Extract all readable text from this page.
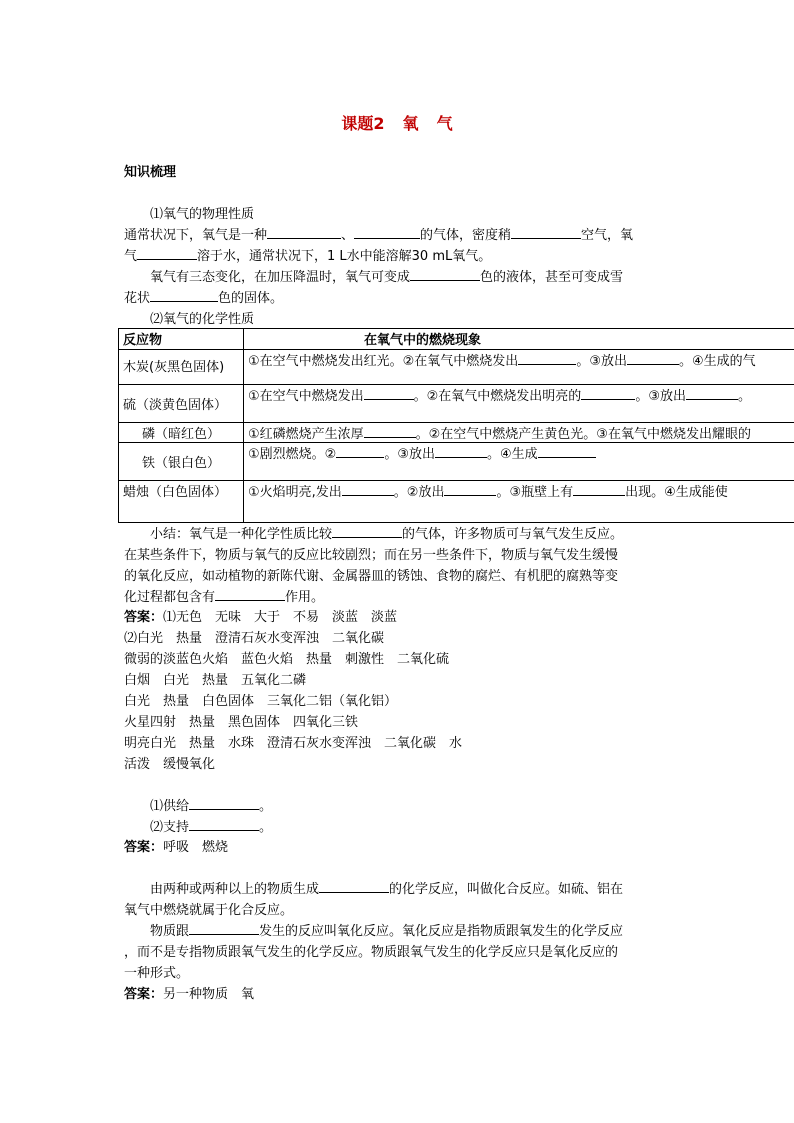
课题2 氧 气
知识梳理
⑴氧气的物理性质
通常状况下，氧气是一种	、	的气体，密度稍	空气，氧
气	溶于水，通常状况下，1 L水中能溶解30 mL氧气。
氧气有三态变化，在加压降温时，氧气可变成	色的液体，甚至可变成雪
花状	色的固体。
⑵氧气的化学性质
反应物	在氧气中的燃烧现象
木炭(灰黑色固体)	①在空气中燃烧发出红光。②在氧气中燃烧发出 。③放出 。④生成的气
硫（淡黄色固体）	①在空气中燃烧发出 。②在氧气中燃烧发出明亮的 。③放出 。
磷（暗红色）	①红磷燃烧产生浓厚 。②在空气中燃烧产生黄色光。③在氧气中燃烧发出耀眼的
铁（银白色）	①剧烈燃烧。② 。③放出 。④生成
蜡烛（白色固体）	①火焰明亮,发出 。②放出 。③瓶壁上有 出现。④生成能使
小结：氧气是一种化学性质比较	的气体，许多物质可与氧气发生反应。
在某些条件下，物质与氧气的反应比较剧烈；而在另一些条件下，物质与氧气发生缓慢
的氧化反应，如动植物的新陈代谢、金属器皿的锈蚀、食物的腐烂、有机肥的腐熟等变
化过程都包含有	作用。
答案：⑴无色　无味　大于　不易　淡蓝　淡蓝
⑵白光　热量　澄清石灰水变浑浊　二氧化碳
微弱的淡蓝色火焰　蓝色火焰　热量　刺激性　二氧化硫
白烟　白光　热量　五氧化二磷
白光　热量　白色固体　三氧化二铝（氧化铝）
火星四射　热量　黑色固体　四氧化三铁
明亮白光　热量　水珠　澄清石灰水变浑浊　二氧化碳　水
活泼　缓慢氧化
⑴供给	。
⑵支持	。
答案：呼吸　燃烧
由两种或两种以上的物质生成	的化学反应，叫做化合反应。如硫、铝在
氧气中燃烧就属于化合反应。
物质跟	发生的反应叫氧化反应。氧化反应是指物质跟氧发生的化学反应
，而不是专指物质跟氧气发生的化学反应。物质跟氧气发生的化学反应只是氧化反应的
一种形式。
答案：另一种物质　氧
